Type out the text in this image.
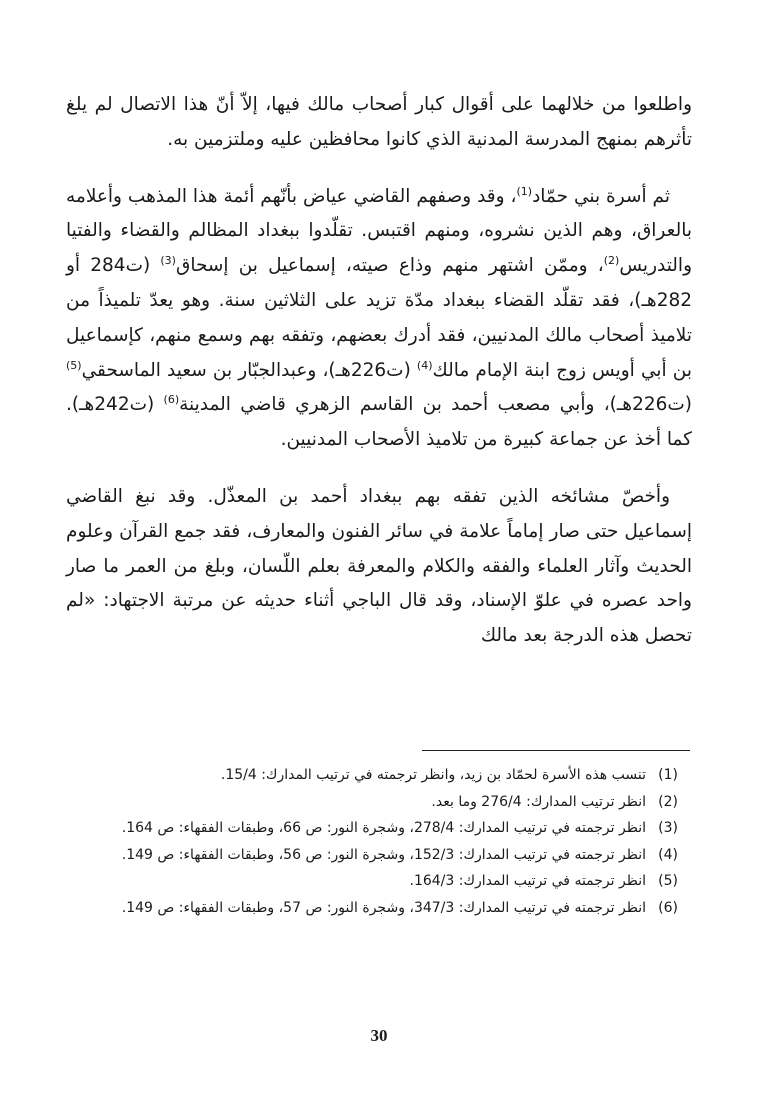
واطلعوا من خلالهما على أقوال كبار أصحاب مالك فيها، إلاّ أنّ هذا الاتصال لم يلغ تأثرهم بمنهج المدرسة المدنية الذي كانوا محافظين عليه وملتزمين به.

ثم أسرة بني حمّاد$^{(1)}$، وقد وصفهم القاضي عياض بأنّهم أئمة هذا المذهب وأعلامه بالعراق، وهم الذين نشروه، ومنهم اقتبس. تقلّدوا ببغداد المظالم والقضاء والفتيا والتدريس$^{(2)}$، وممّن اشتهر منهم وذاع صيته، إسماعيل بن إسحاق$^{(3)}$ (ت284 أو 282هـ)، فقد تقلّد القضاء ببغداد مدّة تزيد على الثلاثين سنة. وهو يعدّ تلميذاً من تلاميذ أصحاب مالك المدنيين، فقد أدرك بعضهم، وتفقه بهم وسمع منهم، كإسماعيل بن أبي أويس زوج ابنة الإمام مالك$^{(4)}$ (ت226هـ)، وعبدالجبّار بن سعيد الماسحقي$^{(5)}$ (ت226هـ)، وأبي مصعب أحمد بن القاسم الزهري قاضي المدينة$^{(6)}$ (ت242هـ). كما أخذ عن جماعة كبيرة من تلاميذ الأصحاب المدنيين.

وأخصّ مشائخه الذين تفقه بهم ببغداد أحمد بن المعذّل. وقد نبغ القاضي إسماعيل حتى صار إماماً علامة في سائر الفنون والمعارف، فقد جمع القرآن وعلوم الحديث وآثار العلماء والفقه والكلام والمعرفة بعلم اللّسان، وبلغ من العمر ما صار واحد عصره في علوّ الإسناد، وقد قال الباجي أثناء حديثه عن مرتبة الاجتهاد: «لم تحصل هذه الدرجة بعد مالك

(1)
تنسب هذه الأسرة لحمّاد بن زيد، وانظر ترجمته في ترتيب المدارك: 15/4.
(2)
انظر ترتيب المدارك: 276/4 وما بعد.
(3)
انظر ترجمته في ترتيب المدارك: 278/4، وشجرة النور: ص 66، وطبقات الفقهاء: ص 164.
(4)
انظر ترجمته في ترتيب المدارك: 152/3، وشجرة النور: ص 56، وطبقات الفقهاء: ص 149.
(5)
انظر ترجمته في ترتيب المدارك: 164/3.
(6)
انظر ترجمته في ترتيب المدارك: 347/3، وشجرة النور: ص 57، وطبقات الفقهاء: ص 149.
30
